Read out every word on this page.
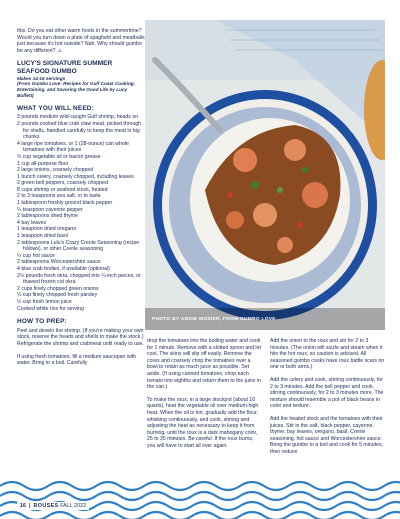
this: Do you eat other warm foods in the summertime? Would you turn down a plate of spaghetti and meatballs just because it's hot outside? Nah. Why should gumbo be any different? ☺

LUCY'S SIGNATURE SUMMER

SEAFOOD GUMBO

Makes 14-16 servings

(From Gumbo Love: Recipes for Gulf Coast Cooking, Entertaining, and Savoring the Good Life by Lucy Buffett)

WHAT YOU WILL NEED:

3 pounds medium wild-caught Gulf shrimp, heads on

2 pounds cooked blue crab claw meat, picked through for shells, handled carefully to keep the meat in big chunks

4 large ripe tomatoes, or 1 (28-ounce) can whole tomatoes with their juices

¾ cup vegetable oil or bacon grease

1 cup all-purpose flour

2 large onions, coarsely chopped

1 bunch celery, coarsely chopped, including leaves

2 green bell peppers, coarsely chopped

8 cups shrimp or seafood stock, heated

2 to 3 teaspoons sea salt, or to taste

1 tablespoon freshly ground black pepper

¼ teaspoon cayenne pepper

2 tablespoons dried thyme

4 bay leaves

1 teaspoon dried oregano

1 teaspoon dried basil

2 tablespoons Lulu's Crazy Creole Seasoning (recipe follows), or other Creole seasoning

¼ cup hot sauce

2 tablespoons Worcestershire sauce

4 blue crab bodies, if available (optional)

2½ pounds fresh okra, chopped into ¼-inch pieces, or thawed frozen cut okra

2 cups finely chopped green onions

½ cup finely chopped fresh parsley

½ cup fresh lemon juice

Cooked white rice for serving

HOW TO PREP:

Peel and devein the shrimp. (If you're making your own stock, reserve the heads and shells to make the stock.) Refrigerate the shrimp and crabmeat until ready to use.

If using fresh tomatoes, fill a medium saucepan with water. Bring to a boil. Carefully

PHOTO BY ANGIE MOSIER, FROM GUMBO LOVE

drop the tomatoes into the boiling water and cook for 1 minute. Remove with a slotted spoon and let cool. The skins will slip off easily. Remove the cores and coarsely chop the tomatoes over a bowl to retain as much juice as possible. Set aside. (If using canned tomatoes, chop each tomato into eighths and return them to the juice in the can.)

To make the roux, in a large stockpot (about 10 quarts), heat the vegetable oil over medium-high heat. When the oil is hot, gradually add the flour, whisking continuously, and cook, stirring and adjusting the heat as necessary to keep it from burning, until the roux is a dark mahogany color, 25 to 35 minutes. Be careful: If the roux burns, you will have to start all over again.

Add the onion to the roux and stir for 2 to 3 minutes. (The onion will sizzle and steam when it hits the hot roux, so caution is advised. All seasoned gumbo cooks have roux battle scars on one or both arms.)

Add the celery and cook, stirring continuously, for 2 to 3 minutes. Add the bell pepper and cook, stirring continuously, for 2 to 3 minutes more. The mixture should resemble a pot of black beans in color and texture.

Add the heated stock and the tomatoes with their juices. Stir in the salt, black pepper, cayenne, thyme, bay leaves, oregano, basil, Creole seasoning, hot sauce and Worcestershire sauce. Bring the gumbo to a boil and cook for 5 minutes, then reduce

16  |  ROUSES FALL 2022
